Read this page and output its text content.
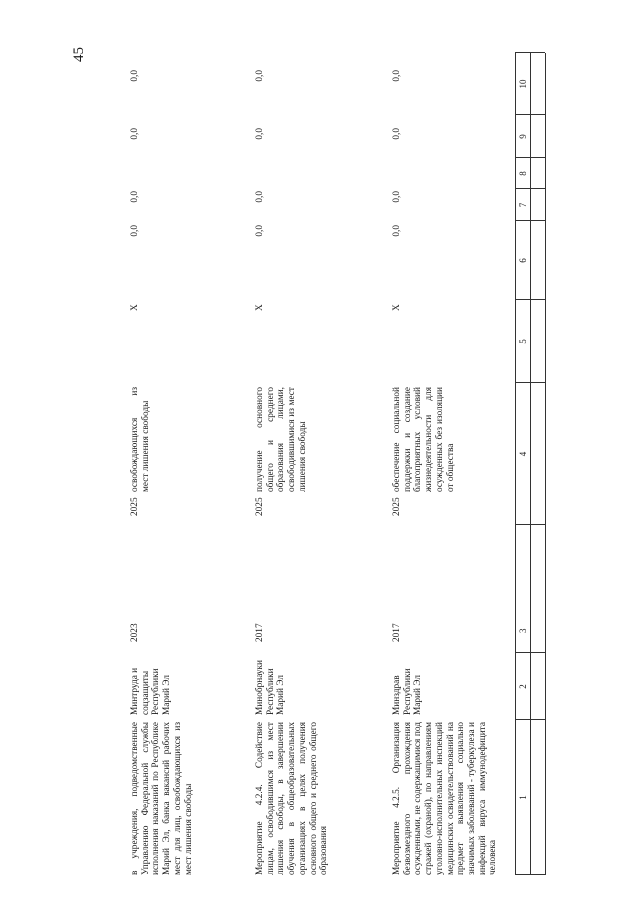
45
1
2
3
4
5
6
7
8
9
10
в учреждения, подведомственные Управлению Федеральной службы исполнения наказаний по Республике Марий Эл, банка вакансий рабочих мест для лиц, освобождающихся из мест лишения свободы
Минтруда и соцзащиты Республики Марий Эл
2023
2025
освобождающихся из мест лишения свободы
X
0,0
0,0
0,0
0,0
Мероприятие 4.2.4. Содействие лицам, освободившимся из мест лишения свободы, в завершении обучения в общеобразовательных организациях в целях получения основного общего и среднего общего образования
Минобрнауки Республики Марий Эл
2017
2025
получение основного общего и среднего образования лицами, освободившимися из мест лишения свободы
X
0,0
0,0
0,0
0,0
Мероприятие 4.2.5. Организация безвозмездного прохождения осужденными, не содержащимися под стражей (охраной), по направлениям уголовно-исполнительных инспекций медицинских освидетельствований на предмет выявления социально значимых заболеваний - туберкулеза и инфекций вируса иммунодефицита человека
Минздрав Республики Марий Эл
2017
2025
обеспечение социальной поддержки и создание благоприятных условий жизнедеятельности для осужденных без изоляции от общества
X
0,0
0,0
0,0
0,0
